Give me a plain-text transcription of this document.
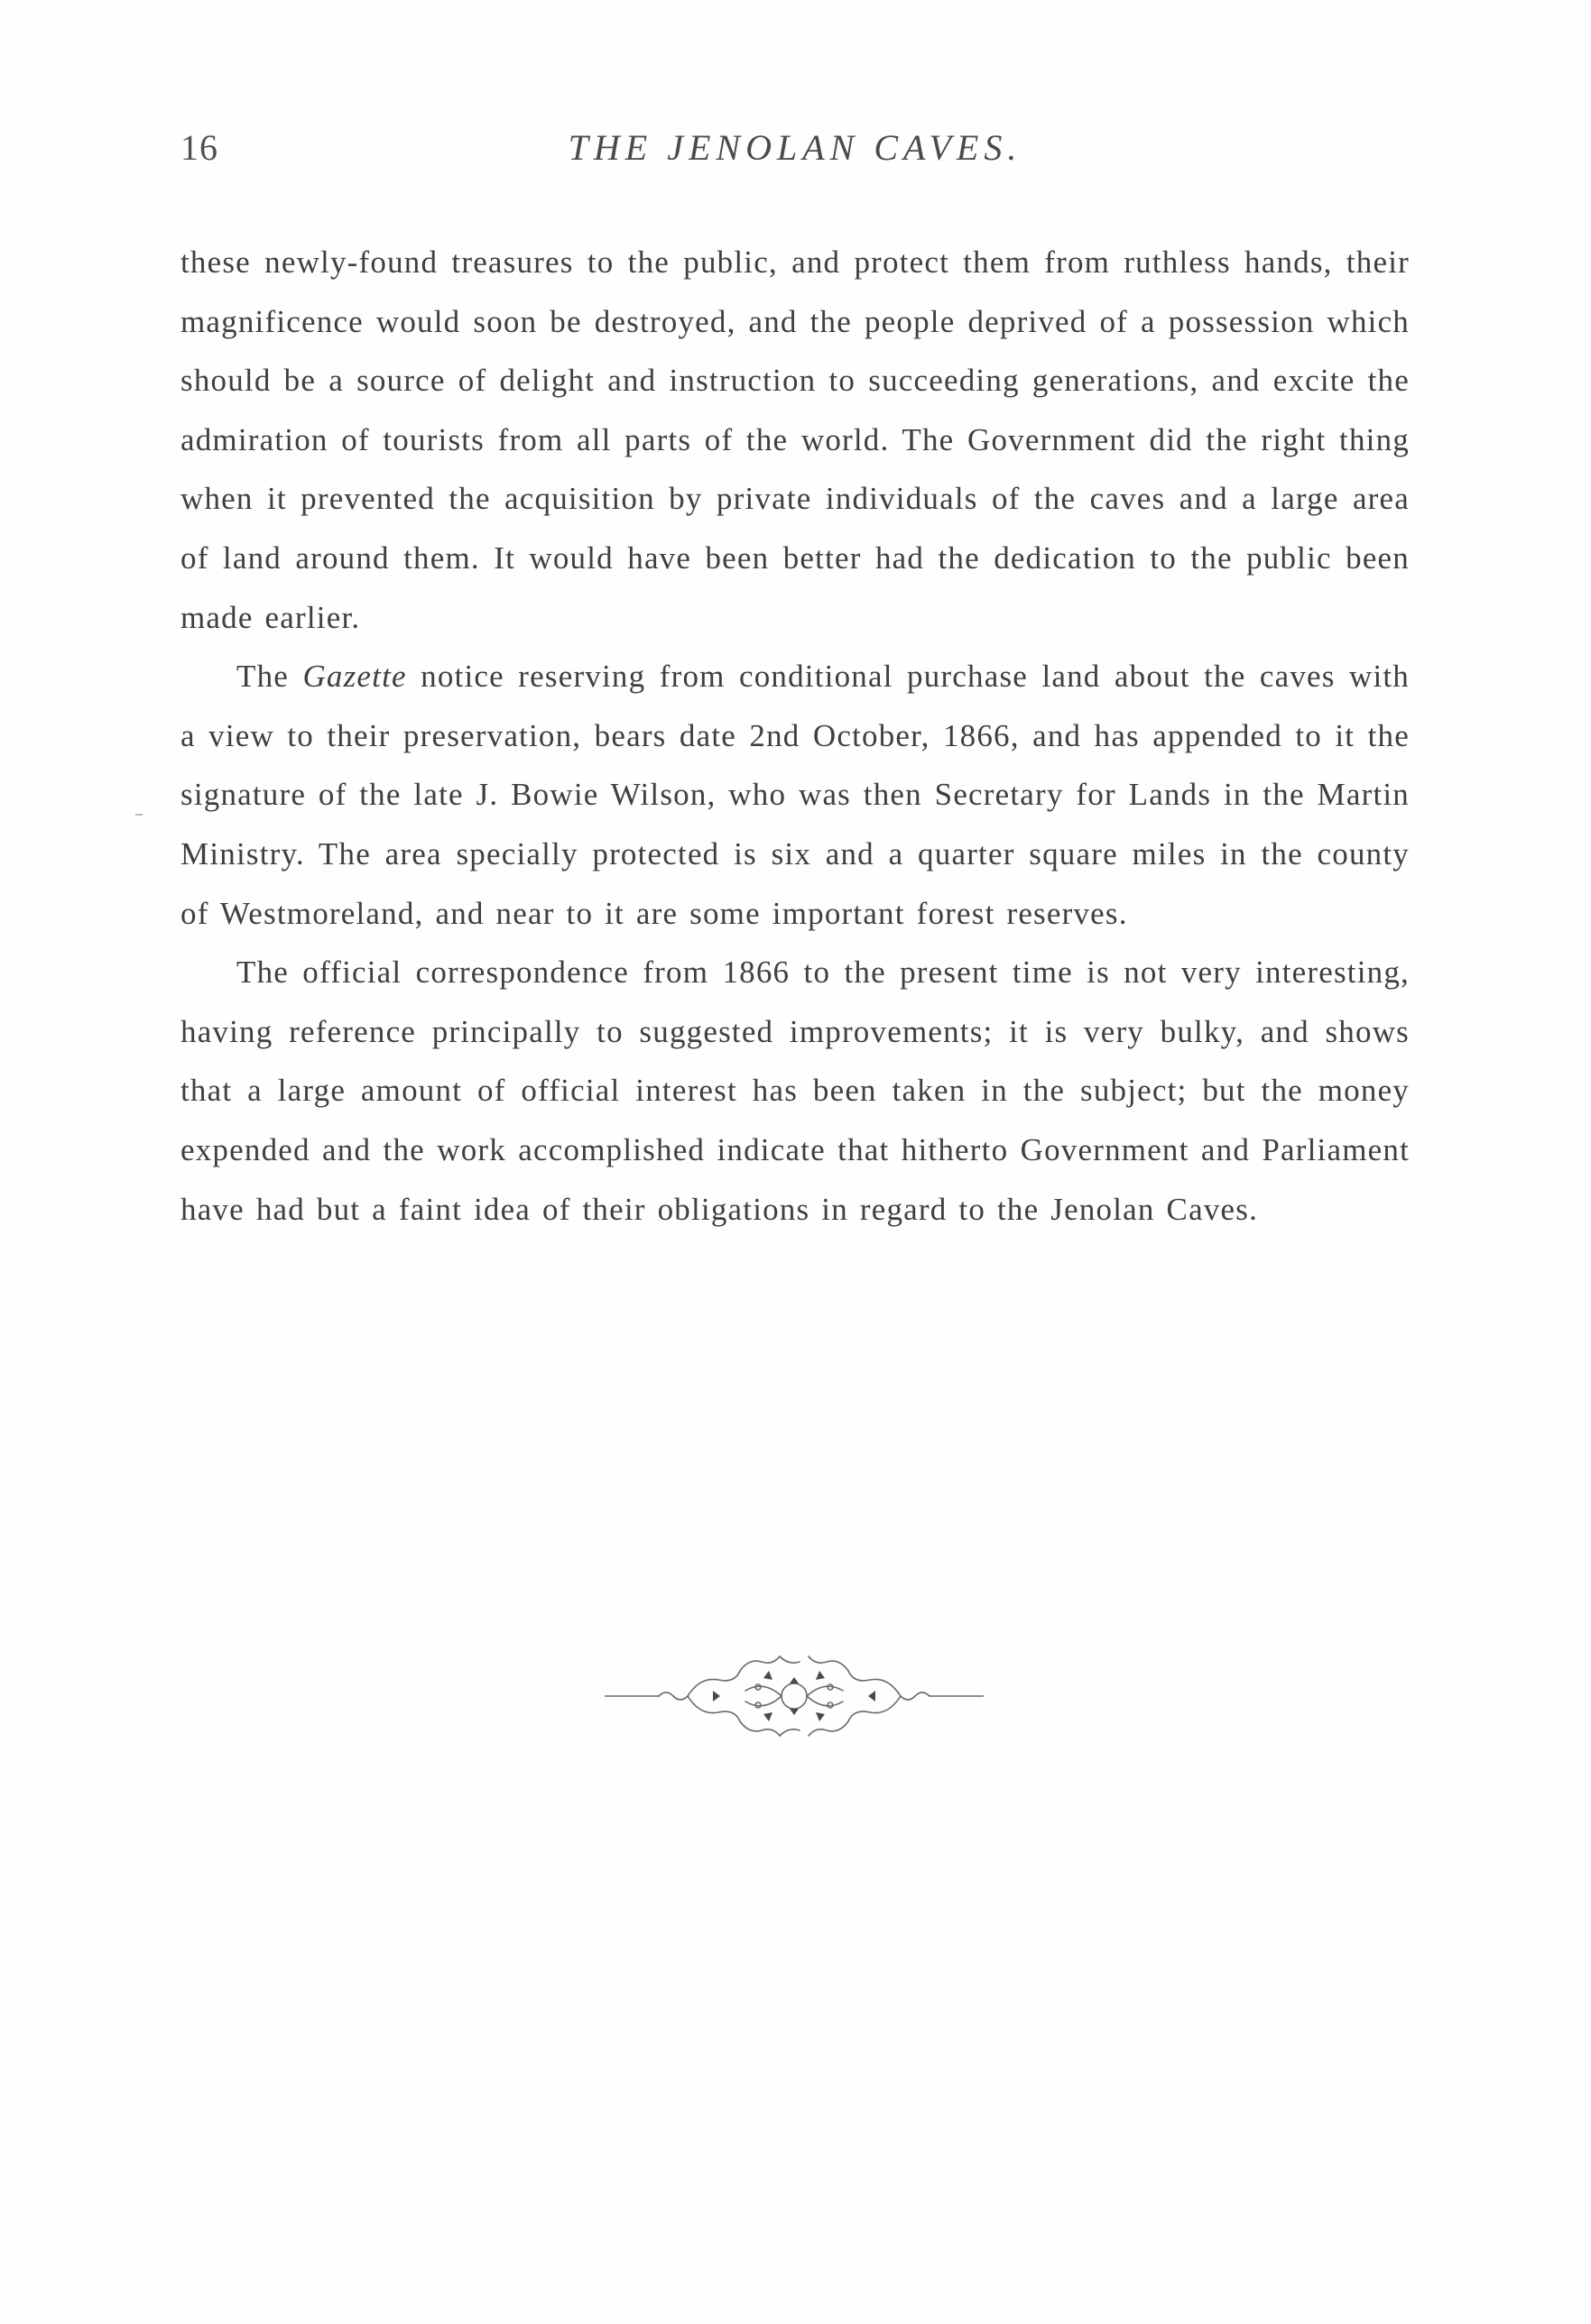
16	THE JENOLAN CAVES.

these newly-found treasures to the public, and protect them from ruthless hands, their magnificence would soon be destroyed, and the people deprived of a possession which should be a source of delight and instruction to succeeding generations, and excite the admiration of tourists from all parts of the world. The Government did the right thing when it prevented the acquisition by private individuals of the caves and a large area of land around them. It would have been better had the dedication to the public been made earlier.

The Gazette notice reserving from conditional purchase land about the caves with a view to their preservation, bears date 2nd October, 1866, and has appended to it the signature of the late J. Bowie Wilson, who was then Secretary for Lands in the Martin Ministry. The area specially protected is six and a quarter square miles in the county of Westmoreland, and near to it are some important forest reserves.

The official correspondence from 1866 to the present time is not very interesting, having reference principally to suggested improvements; it is very bulky, and shows that a large amount of official interest has been taken in the subject; but the money expended and the work accomplished indicate that hitherto Government and Parliament have had but a faint idea of their obligations in regard to the Jenolan Caves.
